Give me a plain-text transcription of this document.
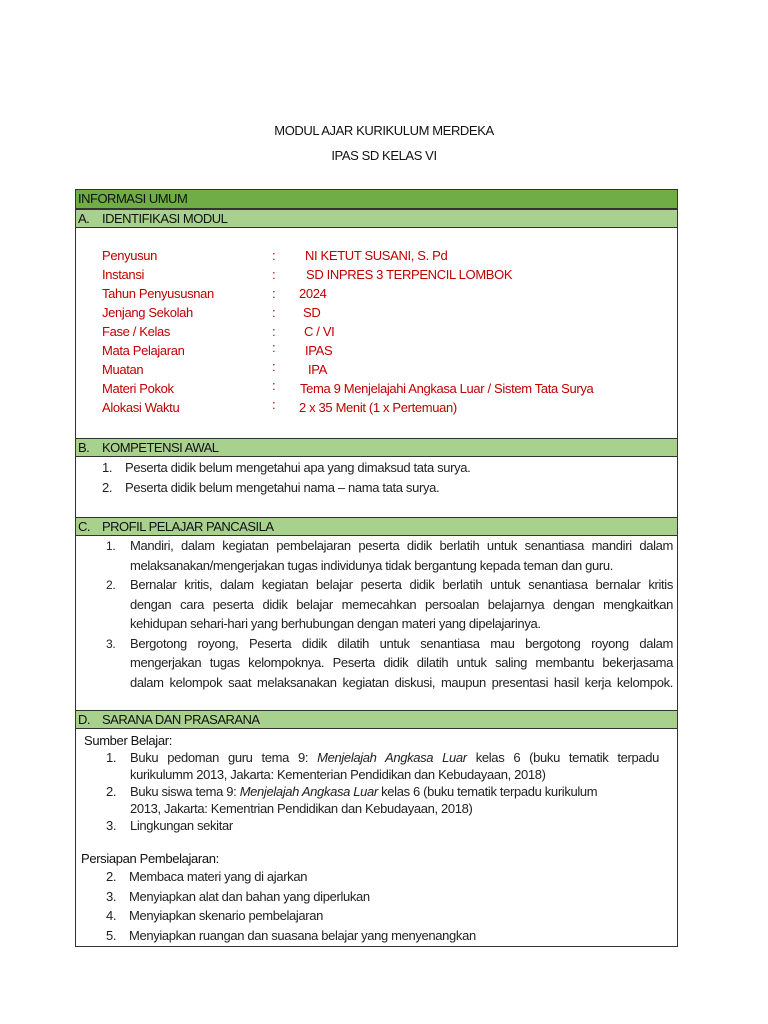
MODUL AJAR KURIKULUM MERDEKA
IPAS SD KELAS VI
INFORMASI UMUM
A. IDENTIFIKASI MODUL
Penyusun	: NI KETUT SUSANI, S. Pd
Instansi	: SD INPRES 3 TERPENCIL LOMBOK
Tahun Penyususnan	: 2024
Jenjang Sekolah	: SD
Fase / Kelas	: C / VI
Mata Pelajaran	: IPAS
Muatan	:	IPA
Materi Pokok	: Tema 9 Menjelajahi Angkasa Luar / Sistem Tata Surya
Alokasi Waktu	: 2 x 35 Menit (1 x Pertemuan)
B. KOMPETENSI AWAL
1. Peserta didik belum mengetahui apa yang dimaksud tata surya.
2. Peserta didik belum mengetahui nama – nama tata surya.
C. PROFIL PELAJAR PANCASILA
1. Mandiri, dalam kegiatan pembelajaran peserta didik berlatih untuk senantiasa mandiri dalam
melaksanakan/mengerjakan tugas individunya tidak bergantung kepada teman dan guru.
2. Bernalar kritis, dalam kegiatan belajar peserta didik berlatih untuk senantiasa bernalar kritis
dengan cara peserta didik belajar memecahkan persoalan belajarnya dengan mengkaitkan
kehidupan sehari-hari yang berhubungan dengan materi yang dipelajarinya.
3. Bergotong royong, Peserta didik dilatih untuk senantiasa mau bergotong royong dalam
mengerjakan tugas kelompoknya. Peserta didik dilatih untuk saling membantu bekerjasama
dalam kelompok saat melaksanakan kegiatan diskusi, maupun presentasi hasil kerja kelompok.
D. SARANA DAN PRASARANA
Sumber Belajar:
1. Buku pedoman guru tema 9: Menjelajah Angkasa Luar kelas 6 (buku tematik terpadu
kurikulumm 2013, Jakarta: Kementerian Pendidikan dan Kebudayaan, 2018)
2. Buku siswa tema 9: Menjelajah Angkasa Luar kelas 6 (buku tematik terpadu kurikulum
2013, Jakarta: Kementrian Pendidikan dan Kebudayaan, 2018)
3. Lingkungan sekitar
Persiapan Pembelajaran:
2. Membaca materi yang di ajarkan
3. Menyiapkan alat dan bahan yang diperlukan
4. Menyiapkan skenario pembelajaran
5. Menyiapkan ruangan dan suasana belajar yang menyenangkan
